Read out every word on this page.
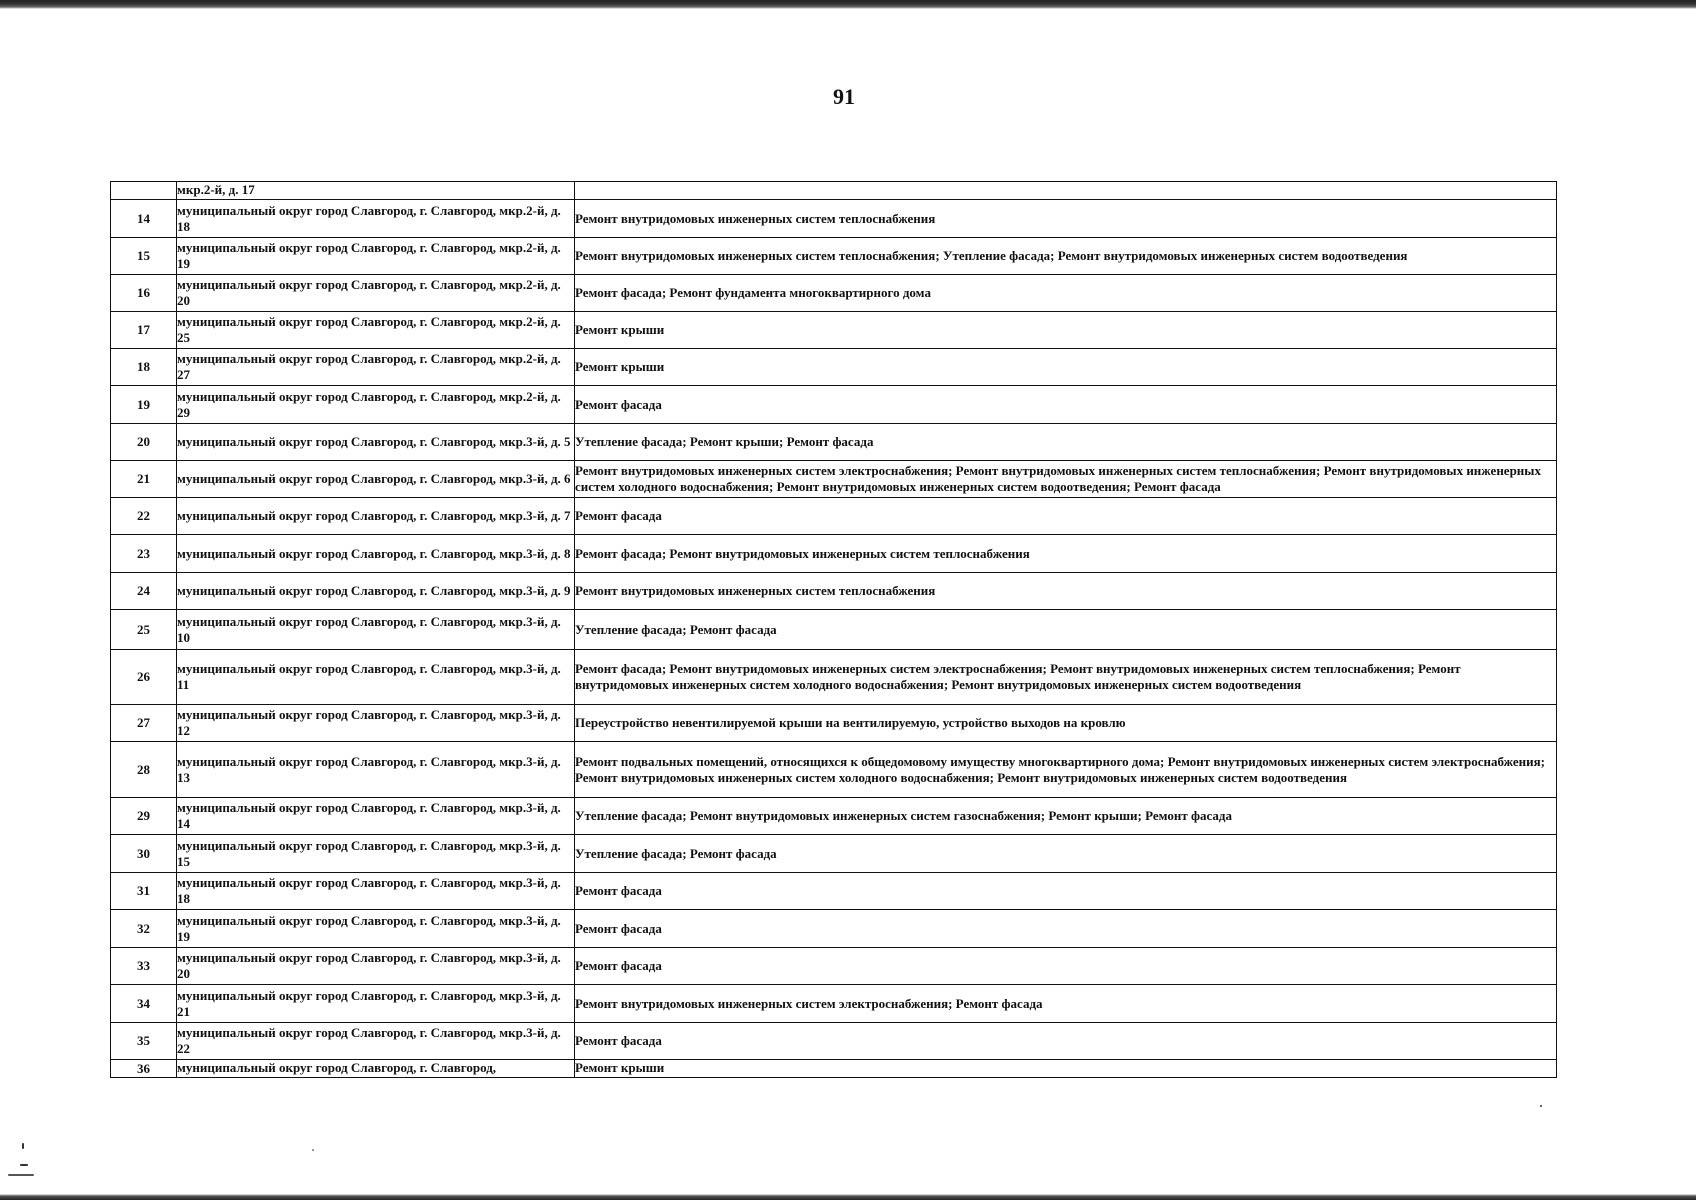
91
	мкр.2-й, д. 17	
14	муниципальный округ город Славгород, г. Славгород, мкр.2-й, д. 18	Ремонт внутридомовых инженерных систем теплоснабжения
15	муниципальный округ город Славгород, г. Славгород, мкр.2-й, д. 19	Ремонт внутридомовых инженерных систем теплоснабжения; Утепление фасада; Ремонт внутридомовых инженерных систем водоотведения
16	муниципальный округ город Славгород, г. Славгород, мкр.2-й, д. 20	Ремонт фасада; Ремонт фундамента многоквартирного дома
17	муниципальный округ город Славгород, г. Славгород, мкр.2-й, д. 25	Ремонт крыши
18	муниципальный округ город Славгород, г. Славгород, мкр.2-й, д. 27	Ремонт крыши
19	муниципальный округ город Славгород, г. Славгород, мкр.2-й, д. 29	Ремонт фасада
20	муниципальный округ город Славгород, г. Славгород, мкр.3-й, д. 5	Утепление фасада; Ремонт крыши; Ремонт фасада
21	муниципальный округ город Славгород, г. Славгород, мкр.3-й, д. 6	Ремонт внутридомовых инженерных систем электроснабжения; Ремонт внутридомовых инженерных систем теплоснабжения; Ремонт внутридомовых инженерных систем холодного водоснабжения; Ремонт внутридомовых инженерных систем водоотведения; Ремонт фасада
22	муниципальный округ город Славгород, г. Славгород, мкр.3-й, д. 7	Ремонт фасада
23	муниципальный округ город Славгород, г. Славгород, мкр.3-й, д. 8	Ремонт фасада; Ремонт внутридомовых инженерных систем теплоснабжения
24	муниципальный округ город Славгород, г. Славгород, мкр.3-й, д. 9	Ремонт внутридомовых инженерных систем теплоснабжения
25	муниципальный округ город Славгород, г. Славгород, мкр.3-й, д. 10	Утепление фасада; Ремонт фасада
26	муниципальный округ город Славгород, г. Славгород, мкр.3-й, д. 11	Ремонт фасада; Ремонт внутридомовых инженерных систем электроснабжения; Ремонт внутридомовых инженерных систем теплоснабжения; Ремонт внутридомовых инженерных систем холодного водоснабжения; Ремонт внутридомовых инженерных систем водоотведения
27	муниципальный округ город Славгород, г. Славгород, мкр.3-й, д. 12	Переустройство невентилируемой крыши на вентилируемую, устройство выходов на кровлю
28	муниципальный округ город Славгород, г. Славгород, мкр.3-й, д. 13	Ремонт подвальных помещений, относящихся к общедомовому имуществу многоквартирного дома; Ремонт внутридомовых инженерных систем электроснабжения; Ремонт внутридомовых инженерных систем холодного водоснабжения; Ремонт внутридомовых инженерных систем водоотведения
29	муниципальный округ город Славгород, г. Славгород, мкр.3-й, д. 14	Утепление фасада; Ремонт внутридомовых инженерных систем газоснабжения; Ремонт крыши; Ремонт фасада
30	муниципальный округ город Славгород, г. Славгород, мкр.3-й, д. 15	Утепление фасада; Ремонт фасада
31	муниципальный округ город Славгород, г. Славгород, мкр.3-й, д. 18	Ремонт фасада
32	муниципальный округ город Славгород, г. Славгород, мкр.3-й, д. 19	Ремонт фасада
33	муниципальный округ город Славгород, г. Славгород, мкр.3-й, д. 20	Ремонт фасада
34	муниципальный округ город Славгород, г. Славгород, мкр.3-й, д. 21	Ремонт внутридомовых инженерных систем электроснабжения; Ремонт фасада
35	муниципальный округ город Славгород, г. Славгород, мкр.3-й, д. 22	Ремонт фасада
36	муниципальный округ город Славгород, г. Славгород,	Ремонт крыши
